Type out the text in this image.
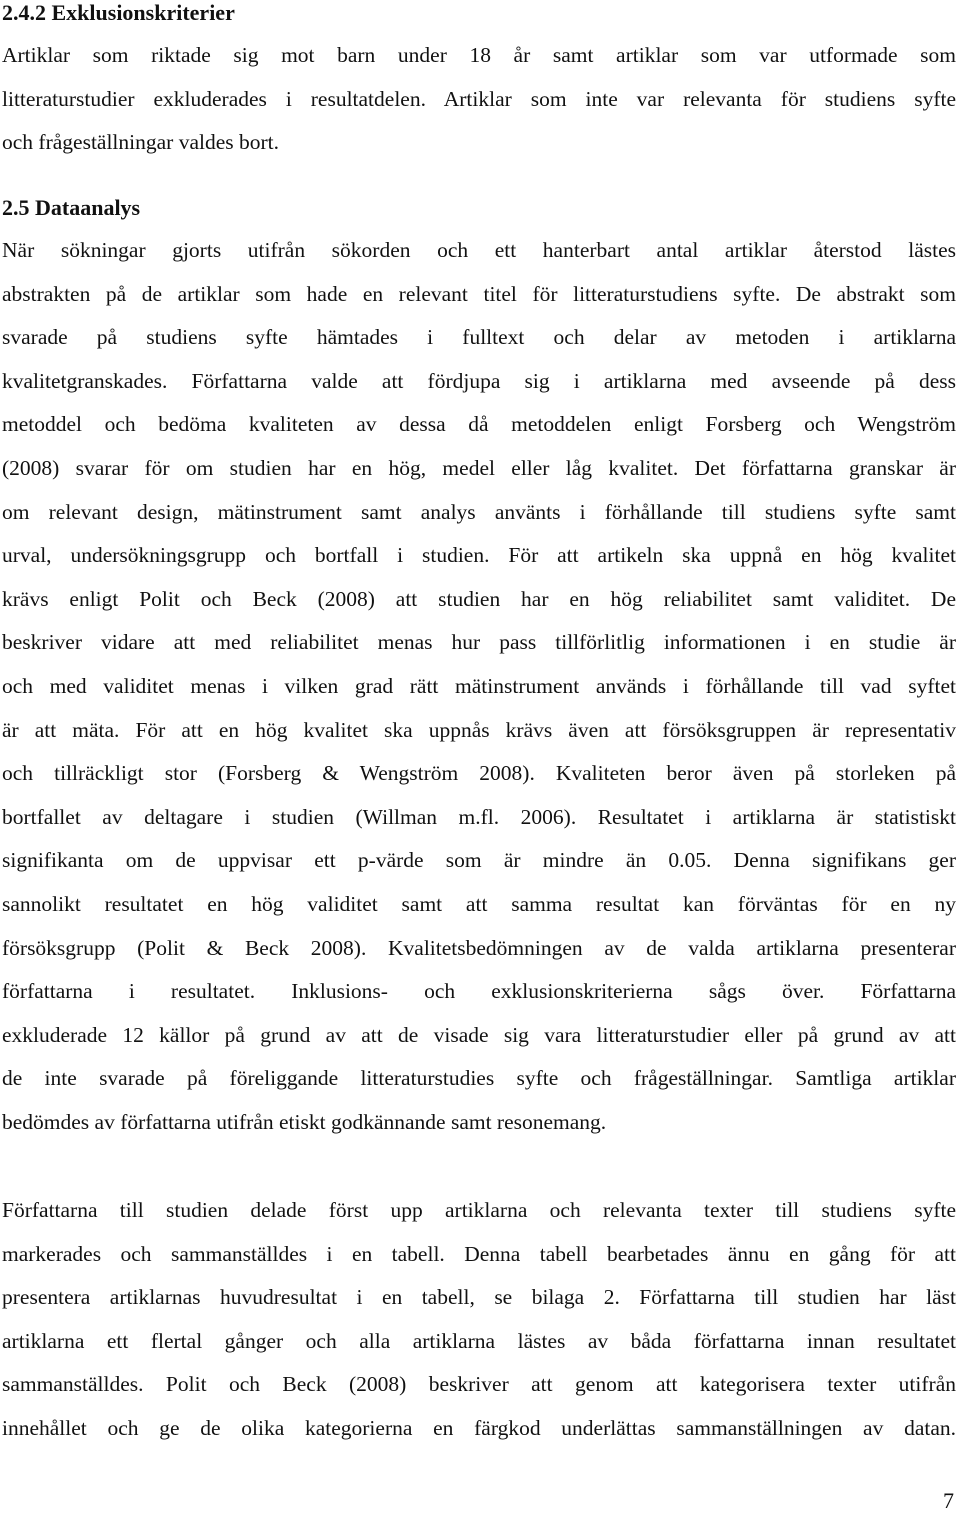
2.4.2 Exklusionskriterier
Artiklar som riktade sig mot barn under 18 år samt artiklar som var utformade som
litteraturstudier exkluderades i resultatdelen. Artiklar som inte var relevanta för studiens syfte
och frågeställningar valdes bort.
2.5 Dataanalys
När sökningar gjorts utifrån sökorden och ett hanterbart antal artiklar återstod lästes
abstrakten på de artiklar som hade en relevant titel för litteraturstudiens syfte. De abstrakt som
svarade på studiens syfte hämtades i fulltext och delar av metoden i artiklarna
kvalitetgranskades. Författarna valde att fördjupa sig i artiklarna med avseende på dess
metoddel och bedöma kvaliteten av dessa då metoddelen enligt Forsberg och Wengström
(2008) svarar för om studien har en hög, medel eller låg kvalitet. Det författarna granskar är
om relevant design, mätinstrument samt analys använts i förhållande till studiens syfte samt
urval, undersökningsgrupp och bortfall i studien. För att artikeln ska uppnå en hög kvalitet
krävs enligt Polit och Beck (2008) att studien har en hög reliabilitet samt validitet. De
beskriver vidare att med reliabilitet menas hur pass tillförlitlig informationen i en studie är
och med validitet menas i vilken grad rätt mätinstrument används i förhållande till vad syftet
är att mäta. För att en hög kvalitet ska uppnås krävs även att försöksgruppen är representativ
och tillräckligt stor (Forsberg & Wengström 2008). Kvaliteten beror även på storleken på
bortfallet av deltagare i studien (Willman m.fl. 2006). Resultatet i artiklarna är statistiskt
signifikanta om de uppvisar ett p-värde som är mindre än 0.05. Denna signifikans ger
sannolikt resultatet en hög validitet samt att samma resultat kan förväntas för en ny
försöksgrupp (Polit & Beck 2008). Kvalitetsbedömningen av de valda artiklarna presenterar
författarna i resultatet. Inklusions- och exklusionskriterierna sågs över. Författarna
exkluderade 12 källor på grund av att de visade sig vara litteraturstudier eller på grund av att
de inte svarade på föreliggande litteraturstudies syfte och frågeställningar. Samtliga artiklar
bedömdes av författarna utifrån etiskt godkännande samt resonemang.
Författarna till studien delade först upp artiklarna och relevanta texter till studiens syfte
markerades och sammanställdes i en tabell. Denna tabell bearbetades ännu en gång för att
presentera artiklarnas huvudresultat i en tabell, se bilaga 2. Författarna till studien har läst
artiklarna ett flertal gånger och alla artiklarna lästes av båda författarna innan resultatet
sammanställdes. Polit och Beck (2008) beskriver att genom att kategorisera texter utifrån
innehållet och ge de olika kategorierna en färgkod underlättas sammanställningen av datan.
7
